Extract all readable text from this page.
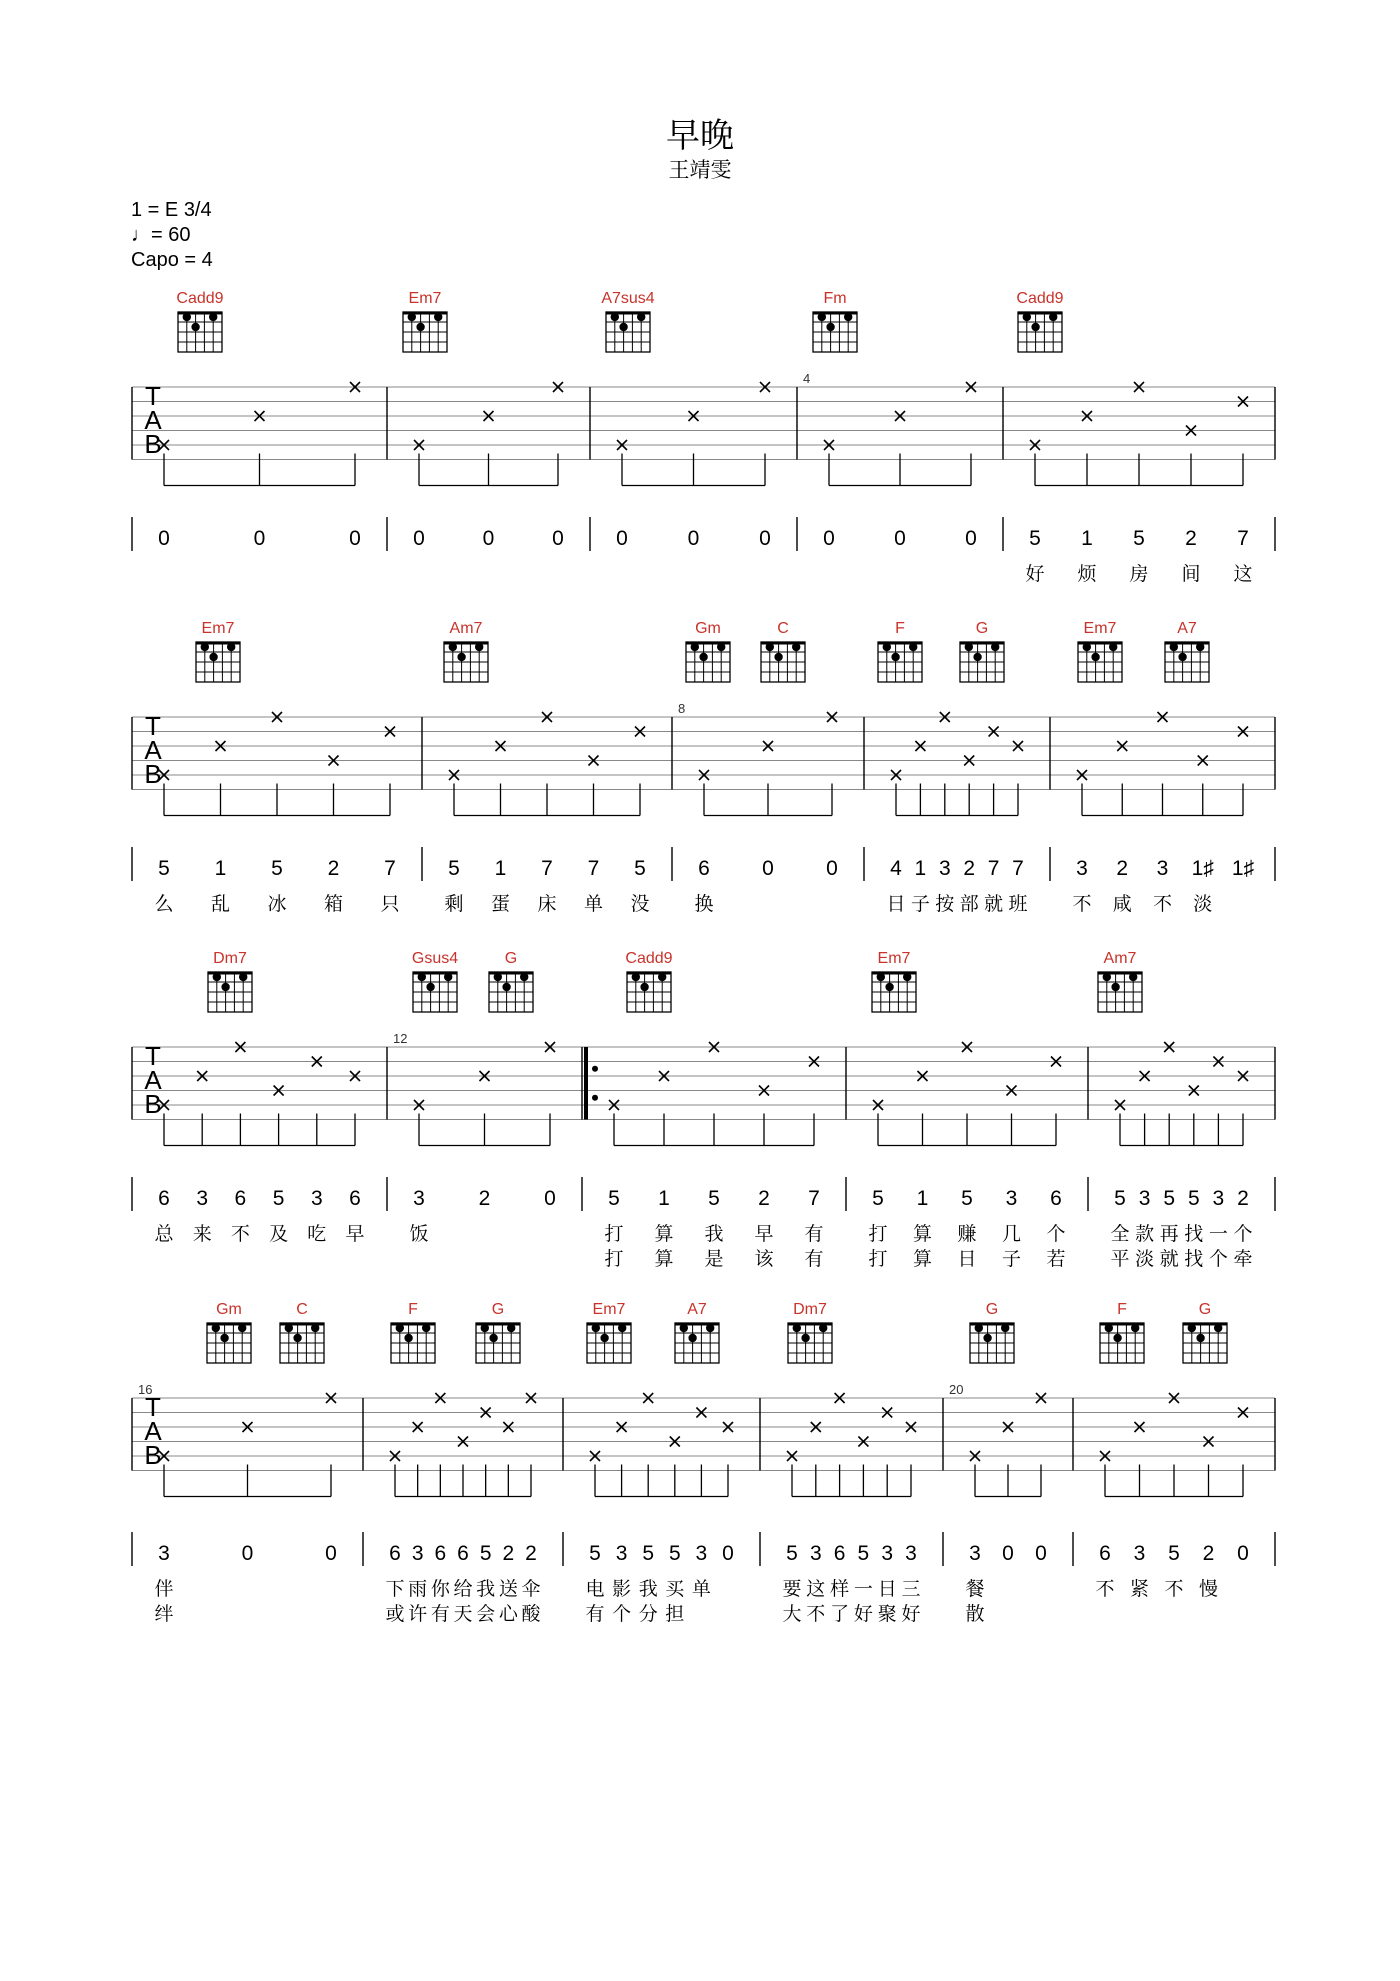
早晚
王靖雯
1 = E 3/4
♩= 60
Capo = 4
Cadd9	Em7	A7sus4	Fm	Cadd9
T
A
B
0	0	0 0	0	0 0	0	0
4
0	0	0 5 1 5 2 7
好 烦 房 间 这
Em7	Am7	Gm	C	F	G	Em7	A7
T
A
B
5 1 5 2 7
么 乱 冰 箱 只
5 1 7 7 5
剩 蛋 床 单 没
8
6 0 0
换
4 1 3 2 7 7
日 子 按 部 就 班
3 2 3 1♯ 1♯
不 咸 不 淡
Dm7	Gsus4	G	Cadd9	Em7	Am7
T
A
B
6 3 6 5 3 6
总 来 不 及 吃 早
12
3	2	0
饭
5 1 5 2 7
打 算 我 早 有
打 算 是 该 有
5 1 5 3 6
打 算 赚 几 个
打 算 日 子 若
5 3 5 5 3 2
全 款 再 找 一 个
平 淡 就 找 个 牵
Gm	C	F	G	Em7	A7	Dm7	G	F	G
T
A
B
16
3	0	0
伴
绊
6 3 6 6 5 2 2
下 雨 你 给 我 送 伞
或 许 有 天 会 心 酸
5 3 5 5 3 0
电 影 我 买 单
有 个 分 担
5 3 6 5 3 3
要 这 样 一 日 三
大 不 了 好 聚 好
20
3 0 0
餐
散
6 3 5 2 0
不 紧 不 慢
